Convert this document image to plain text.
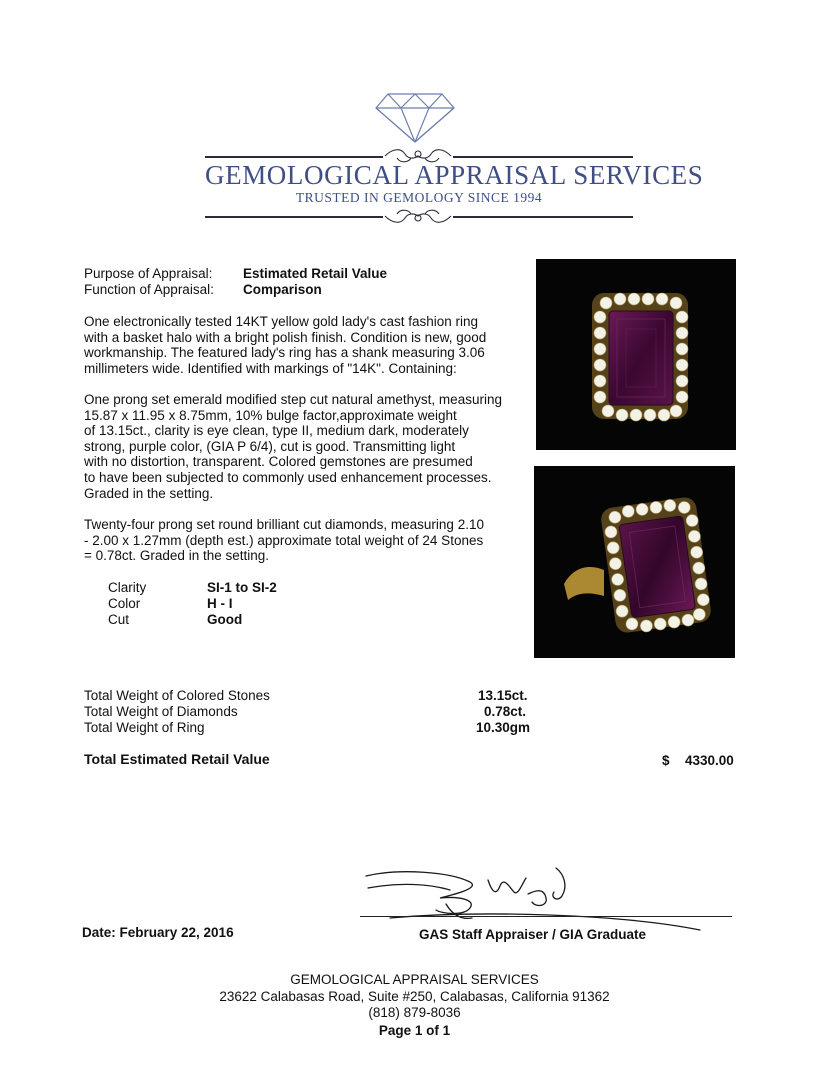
GEMOLOGICAL APPRAISAL SERVICES
TRUSTED IN GEMOLOGY SINCE 1994
Purpose of Appraisal: Estimated Retail Value
Function of Appraisal: Comparison
One electronically tested 14KT yellow gold lady's cast fashion ring
with a basket halo with a bright polish finish. Condition is new, good
workmanship. The featured lady's ring has a shank measuring 3.06
millimeters wide. Identified with markings of "14K". Containing:
One prong set emerald modified step cut natural amethyst, measuring
15.87 x 11.95 x 8.75mm, 10% bulge factor,approximate weight
of 13.15ct., clarity is eye clean, type II, medium dark, moderately
strong, purple color, (GIA P 6/4), cut is good. Transmitting light
with no distortion, transparent. Colored gemstones are presumed
to have been subjected to commonly used enhancement processes.
Graded in the setting.
Twenty-four prong set round brilliant cut diamonds, measuring 2.10
- 2.00 x 1.27mm (depth est.) approximate total weight of 24 Stones
= 0.78ct. Graded in the setting.
Clarity	SI-1 to SI-2
Color	H - I
Cut	Good
Total Weight of Colored Stones	13.15ct.
Total Weight of Diamonds	0.78ct.
Total Weight of Ring	10.30gm
Total Estimated Retail Value	$ 4330.00
Date: February 22, 2016	GAS Staff Appraiser / GIA Graduate
GEMOLOGICAL APPRAISAL SERVICES
23622 Calabasas Road, Suite #250, Calabasas, California 91362
(818) 879-8036
Page 1 of 1
